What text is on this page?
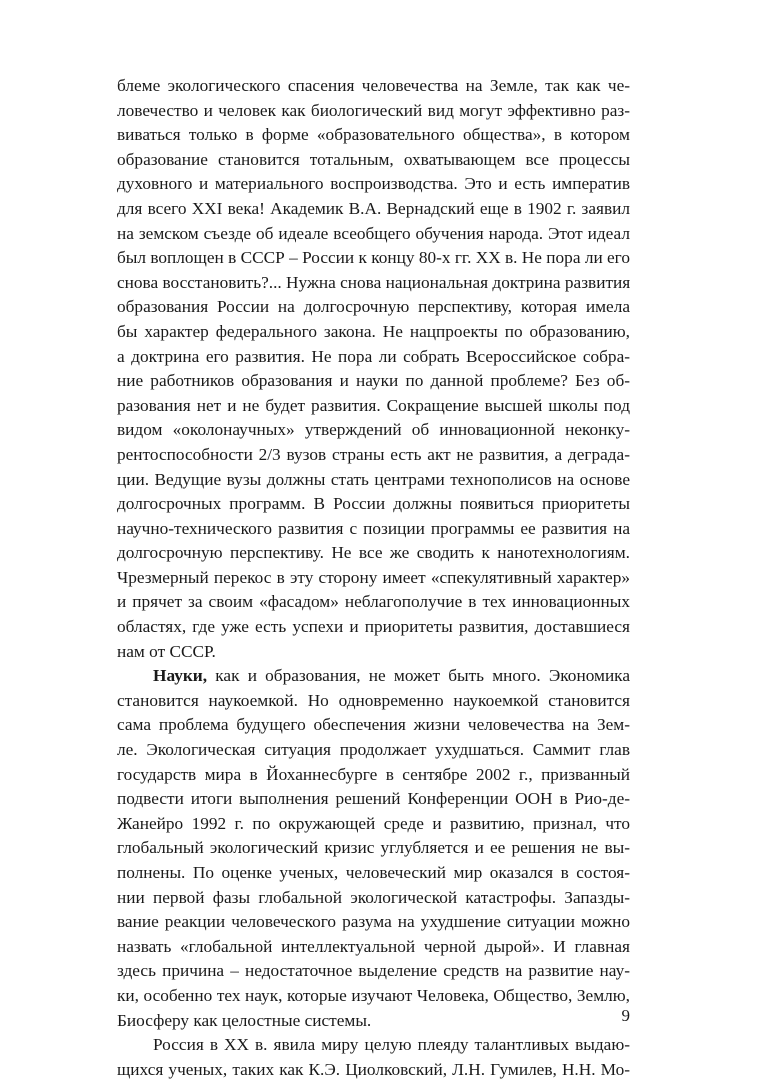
блеме экологического спасения человечества на Земле, так как че-
ловечество и человек как биологический вид могут эффективно раз-
виваться только в форме «образовательного общества», в котором
образование становится тотальным, охватывающем все процессы
духовного и материального воспроизводства. Это и есть императив
для всего XXI века! Академик В.А. Вернадский еще в 1902 г. заявил
на земском съезде об идеале всеобщего обучения народа. Этот идеал
был воплощен в СССР – России к концу 80-х гг. XX в. Не пора ли его
снова восстановить?... Нужна снова национальная доктрина развития
образования России на долгосрочную перспективу, которая имела
бы характер федерального закона. Не нацпроекты по образованию,
а доктрина его развития. Не пора ли собрать Всероссийское собра-
ние работников образования и науки по данной проблеме? Без об-
разования нет и не будет развития. Сокращение высшей школы под
видом «околонаучных» утверждений об инновационной неконку-
рентоспособности 2/3 вузов страны есть акт не развития, а деграда-
ции. Ведущие вузы должны стать центрами технополисов на основе
долгосрочных программ. В России должны появиться приоритеты
научно-технического развития с позиции программы ее развития на
долгосрочную перспективу. Не все же сводить к нанотехнологиям.
Чрезмерный перекос в эту сторону имеет «спекулятивный характер»
и прячет за своим «фасадом» неблагополучие в тех инновационных
областях, где уже есть успехи и приоритеты развития, доставшиеся
нам от СССР.
Науки, как и образования, не может быть много. Экономика
становится наукоемкой. Но одновременно наукоемкой становится
сама проблема будущего обеспечения жизни человечества на Зем-
ле. Экологическая ситуация продолжает ухудшаться. Саммит глав
государств мира в Йоханнесбурге в сентябре 2002 г., призванный
подвести итоги выполнения решений Конференции ООН в Рио-де-
Жанейро 1992 г. по окружающей среде и развитию, признал, что
глобальный экологический кризис углубляется и ее решения не вы-
полнены. По оценке ученых, человеческий мир оказался в состоя-
нии первой фазы глобальной экологической катастрофы. Запазды-
вание реакции человеческого разума на ухудшение ситуации можно
назвать «глобальной интеллектуальной черной дырой». И главная
здесь причина – недостаточное выделение средств на развитие нау-
ки, особенно тех наук, которые изучают Человека, Общество, Землю,
Биосферу как целостные системы.
Россия в XX в. явила миру целую плеяду талантливых выдаю-
щихся ученых, таких как К.Э. Циолковский, Л.Н. Гумилев, Н.Н. Мо-
9
